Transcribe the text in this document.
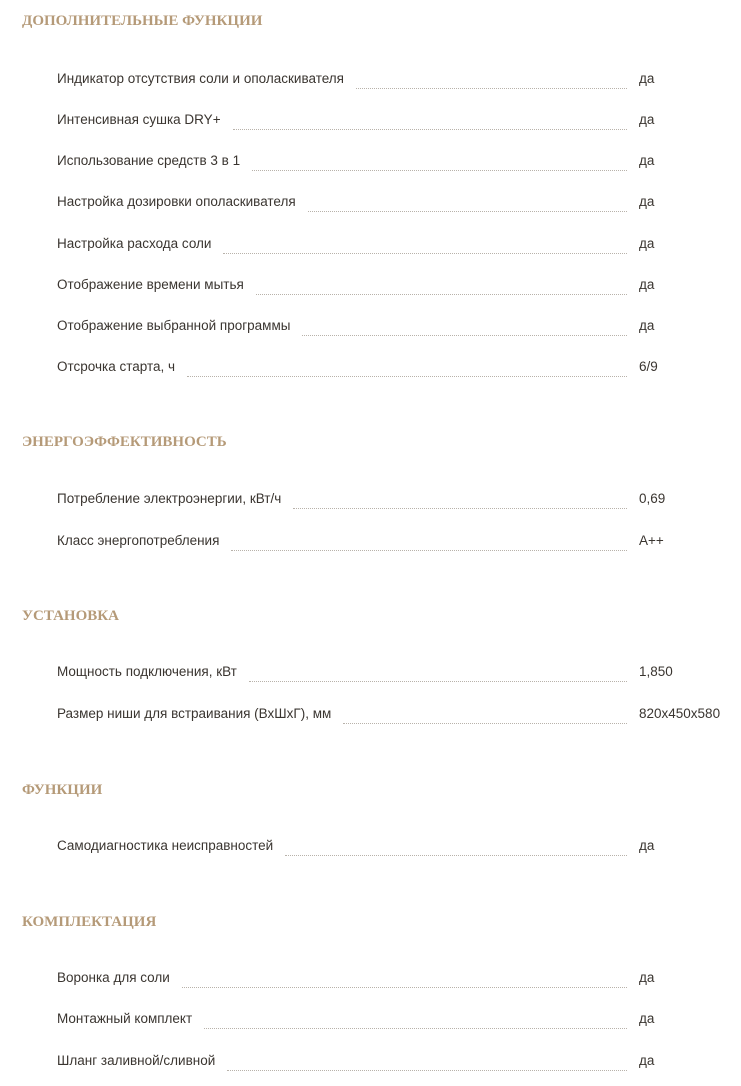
ДОПОЛНИТЕЛЬНЫЕ ФУНКЦИИ
Индикатор отсутствия соли и ополаскивателя	да
Интенсивная сушка DRY+	да
Использование средств 3 в 1	да
Настройка дозировки ополаскивателя	да
Настройка расхода соли	да
Отображение времени мытья	да
Отображение выбранной программы	да
Отсрочка старта, ч	6/9
ЭНЕРГОЭФФЕКТИВНОСТЬ
Потребление электроэнергии, кВт/ч	0,69
Класс энергопотребления	A++
УСТАНОВКА
Мощность подключения, кВт	1,850
Размер ниши для встраивания (ВхШхГ), мм	820x450x580
ФУНКЦИИ
Самодиагностика неисправностей	да
КОМПЛЕКТАЦИЯ
Воронка для соли	да
Монтажный комплект	да
Шланг заливной/сливной	да
